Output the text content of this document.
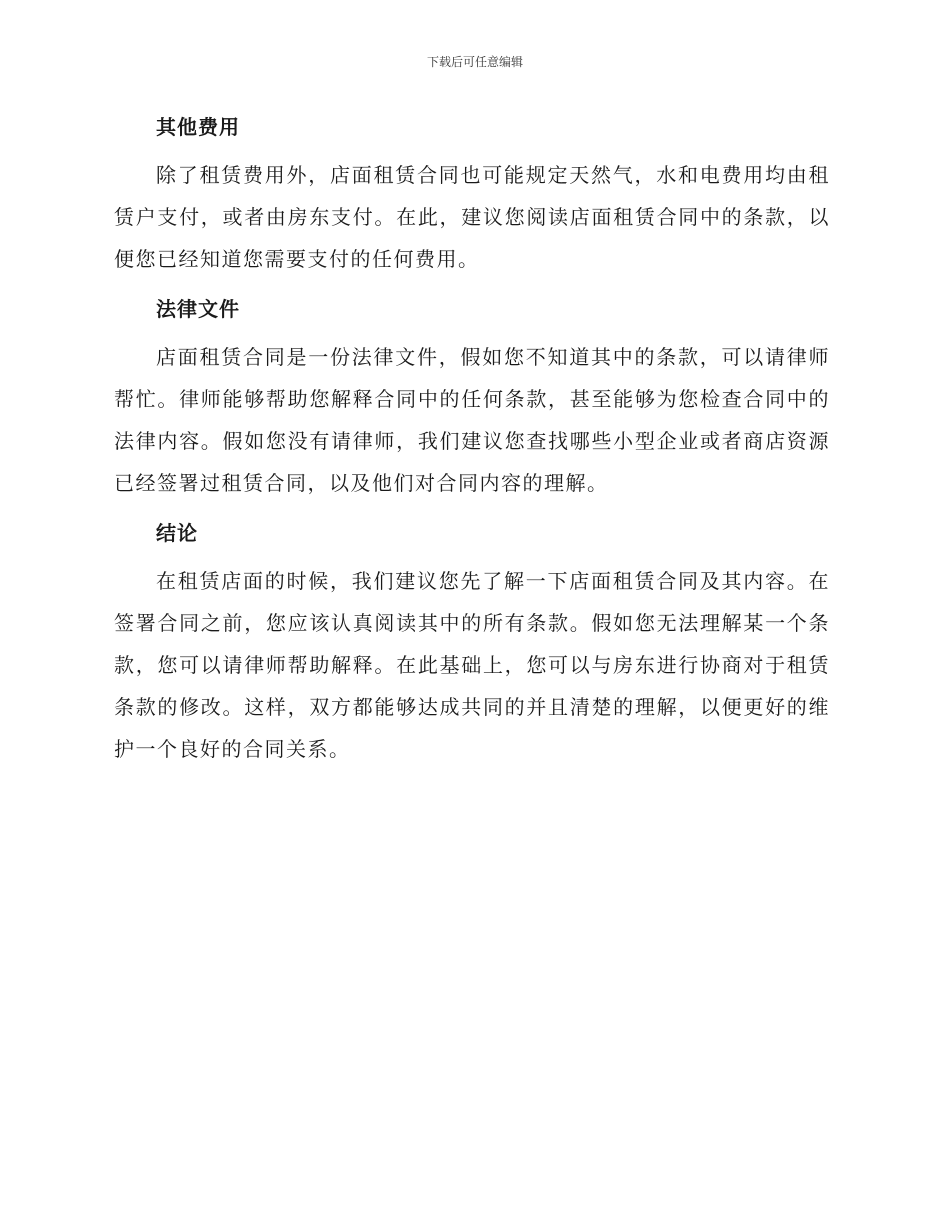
下载后可任意编辑
其他费用

除了租赁费用外，店面租赁合同也可能规定天然气，水和电费用均由租赁户支付，或者由房东支付。在此，建议您阅读店面租赁合同中的条款，以便您已经知道您需要支付的任何费用。

法律文件

店面租赁合同是一份法律文件，假如您不知道其中的条款，可以请律师帮忙。律师能够帮助您解释合同中的任何条款，甚至能够为您检查合同中的法律内容。假如您没有请律师，我们建议您查找哪些小型企业或者商店资源已经签署过租赁合同，以及他们对合同内容的理解。

结论

在租赁店面的时候，我们建议您先了解一下店面租赁合同及其内容。在签署合同之前，您应该认真阅读其中的所有条款。假如您无法理解某一个条款，您可以请律师帮助解释。在此基础上，您可以与房东进行协商对于租赁条款的修改。这样，双方都能够达成共同的并且清楚的理解，以便更好的维护一个良好的合同关系。
